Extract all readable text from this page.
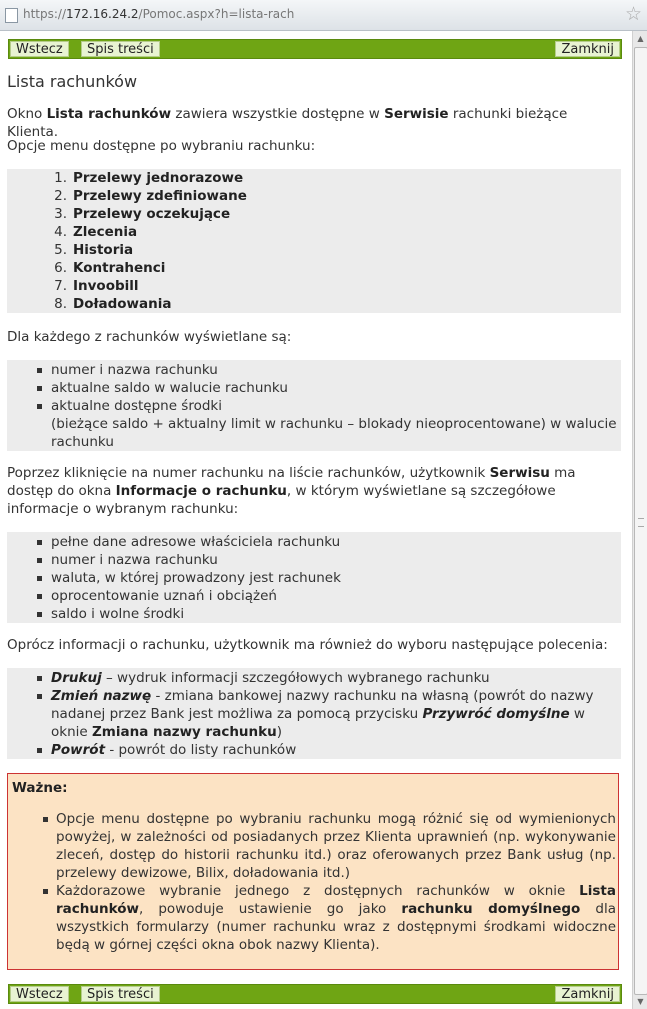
https://172.16.24.2/Pomoc.aspx?h=lista-rach	☆
Wstecz	Spis treści	Zamknij
Lista rachunków

Okno Lista rachunków zawiera wszystkie dostępne w Serwisie rachunki bieżące Klienta.

Opcje menu dostępne po wybraniu rachunku:

1. Przelewy jednorazowe
2. Przelewy zdefiniowane
3. Przelewy oczekujące
4. Zlecenia
5. Historia
6. Kontrahenci
7. Invoobill
8. Doładowania

Dla każdego z rachunków wyświetlane są:

numer i nazwa rachunku
aktualne saldo w walucie rachunku
aktualne dostępne środki
(bieżące saldo + aktualny limit w rachunku – blokady nieoprocentowane) w walucie rachunku

Poprzez kliknięcie na numer rachunku na liście rachunków, użytkownik Serwisu ma dostęp do okna Informacje o rachunku, w którym wyświetlane są szczegółowe informacje o wybranym rachunku:

pełne dane adresowe właściciela rachunku
numer i nazwa rachunku
waluta, w której prowadzony jest rachunek
oprocentowanie uznań i obciążeń
saldo i wolne środki

Oprócz informacji o rachunku, użytkownik ma również do wyboru następujące polecenia:

Drukuj – wydruk informacji szczegółowych wybranego rachunku
Zmień nazwę - zmiana bankowej nazwy rachunku na własną (powrót do nazwy nadanej przez Bank jest możliwa za pomocą przycisku Przywróć domyślne w oknie Zmiana nazwy rachunku)
Powrót - powrót do listy rachunków
Ważne:
Opcje menu dostępne po wybraniu rachunku mogą różnić się od wymienionych powyżej, w zależności od posiadanych przez Klienta uprawnień (np. wykonywanie zleceń, dostęp do historii rachunku itd.) oraz oferowanych przez Bank usług (np. przelewy dewizowe, Bilix, doładowania itd.)
Każdorazowe wybranie jednego z dostępnych rachunków w oknie Lista rachunków, powoduje ustawienie go jako rachunku domyślnego dla wszystkich formularzy (numer rachunku wraz z dostępnymi środkami widoczne będą w górnej części okna obok nazwy Klienta).
Wstecz	Spis treści	Zamknij
▲
▼
